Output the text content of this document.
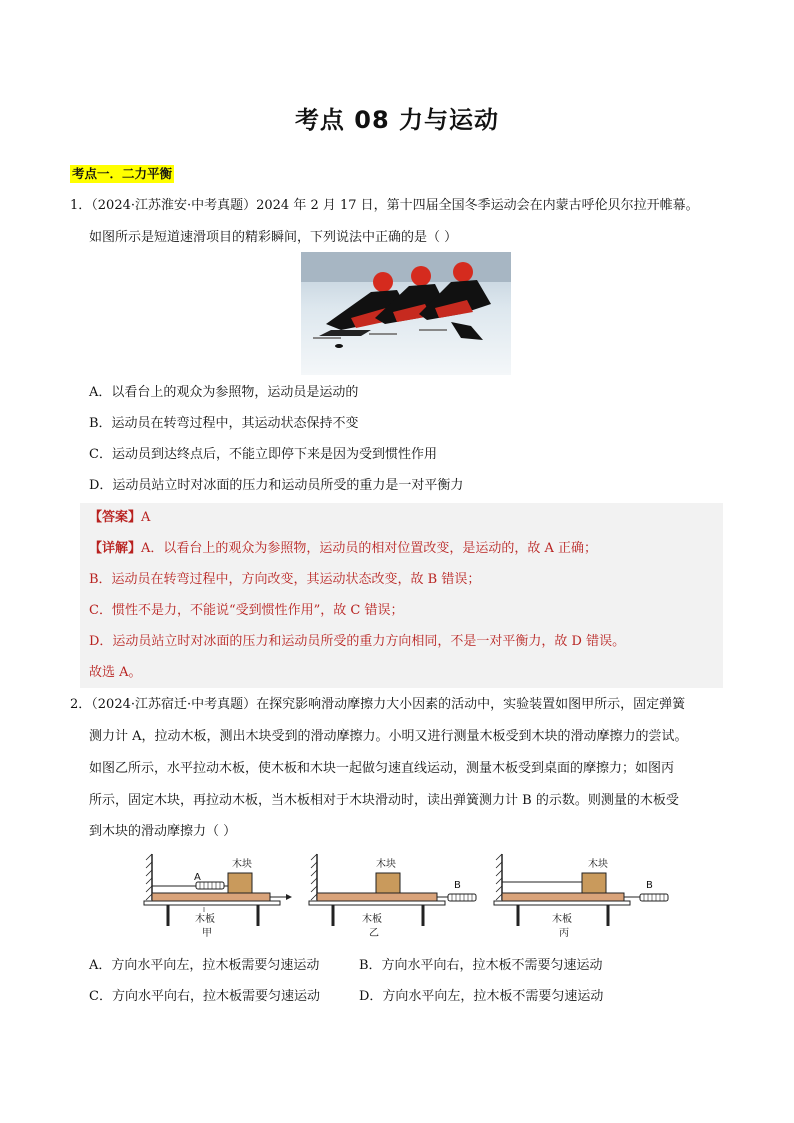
考点 08 力与运动
考点一．二力平衡
1．（2024·江苏淮安·中考真题）2024 年 2 月 17 日，第十四届全国冬季运动会在内蒙古呼伦贝尔拉开帷幕。
如图所示是短道速滑项目的精彩瞬间，下列说法中正确的是（ ）
A．以看台上的观众为参照物，运动员是运动的
B．运动员在转弯过程中，其运动状态保持不变
C．运动员到达终点后，不能立即停下来是因为受到惯性作用
D．运动员站立时对冰面的压力和运动员所受的重力是一对平衡力
【答案】A
【详解】A．以看台上的观众为参照物，运动员的相对位置改变，是运动的，故 A 正确；
B．运动员在转弯过程中，方向改变，其运动状态改变，故 B 错误；
C．惯性不是力，不能说“受到惯性作用”，故 C 错误；
D．运动员站立时对冰面的压力和运动员所受的重力方向相同，不是一对平衡力，故 D 错误。
故选 A。
2．（2024·江苏宿迁·中考真题）在探究影响滑动摩擦力大小因素的活动中，实验装置如图甲所示，固定弹簧
测力计 A，拉动木板，测出木块受到的滑动摩擦力。小明又进行测量木板受到木块的滑动摩擦力的尝试。
如图乙所示，水平拉动木板，使木板和木块一起做匀速直线运动，测量木板受到桌面的摩擦力；如图丙
所示，固定木块，再拉动木板，当木板相对于木块滑动时，读出弹簧测力计 B 的示数。则测量的木板受
到木块的滑动摩擦力（ ）
A
木块
木板
甲
木块
B
木板
乙
木块
B
木板
丙
A．方向水平向左，拉木板需要匀速运动	B．方向水平向右，拉木板不需要匀速运动
C．方向水平向右，拉木板需要匀速运动	D．方向水平向左，拉木板不需要匀速运动
